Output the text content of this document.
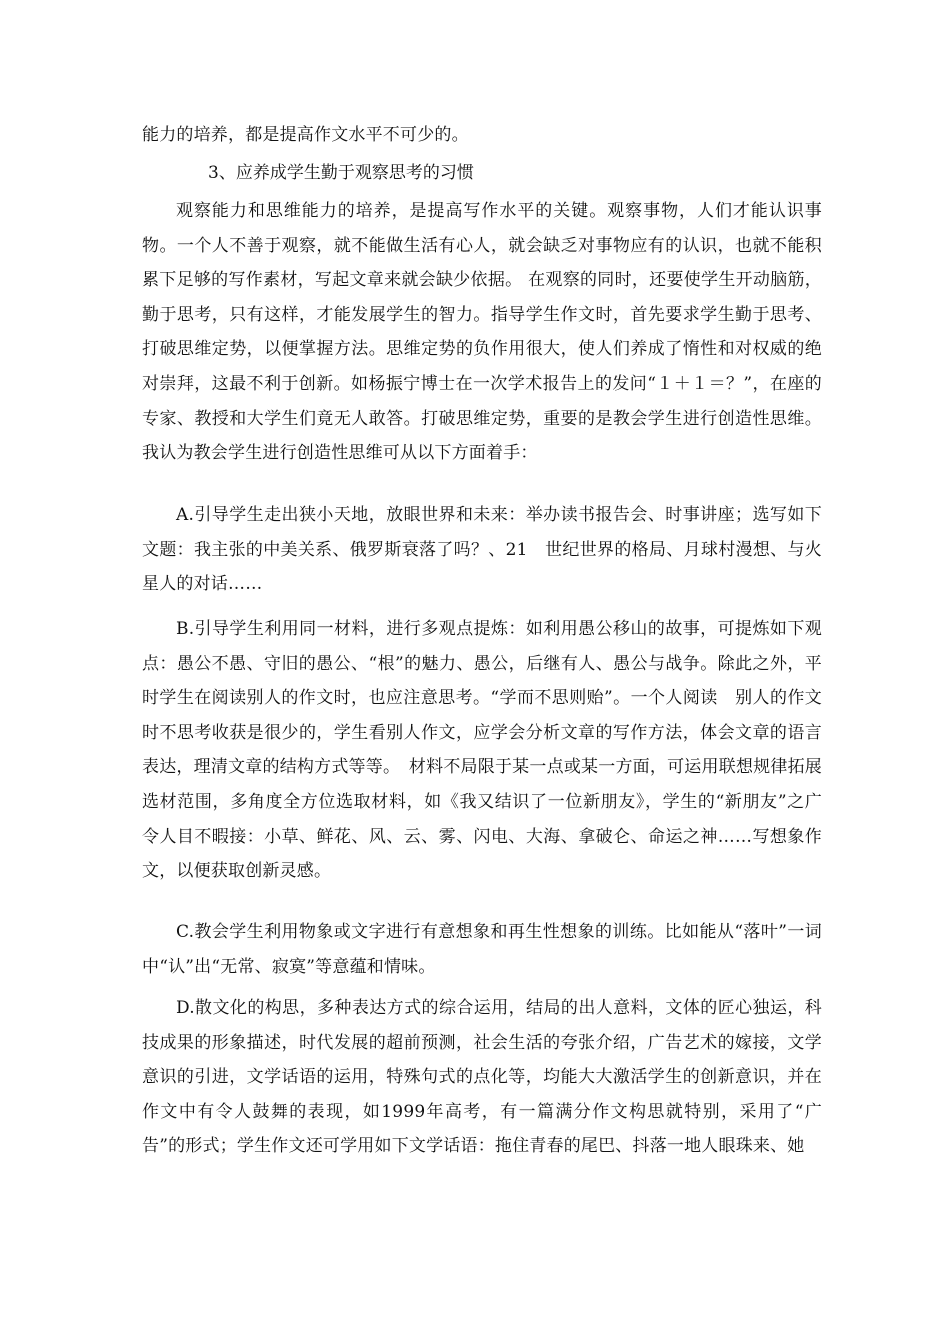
能力的培养，都是提高作文水平不可少的。

3、应养成学生勤于观察思考的习惯

观察能力和思维能力的培养，是提高写作水平的关键。观察事物，人们才能认识事物。一个人不善于观察，就不能做生活有心人，就会缺乏对事物应有的认识，也就不能积累下足够的写作素材，写起文章来就会缺少依据。 在观察的同时，还要使学生开动脑筋，勤于思考，只有这样，才能发展学生的智力。指导学生作文时，首先要求学生勤于思考、打破思维定势，以便掌握方法。思维定势的负作用很大，使人们养成了惰性和对权威的绝对崇拜，这最不利于创新。如杨振宁博士在一次学术报告上的发问“１＋１＝？”，在座的专家、教授和大学生们竟无人敢答。打破思维定势，重要的是教会学生进行创造性思维。我认为教会学生进行创造性思维可从以下方面着手：

A.引导学生走出狭小天地，放眼世界和未来：举办读书报告会、时事讲座；选写如下文题：我主张的中美关系、俄罗斯衰落了吗？、21　世纪世界的格局、月球村漫想、与火星人的对话……

B.引导学生利用同一材料，进行多观点提炼：如利用愚公移山的故事，可提炼如下观点：愚公不愚、守旧的愚公、“根”的魅力、愚公，后继有人、愚公与战争。除此之外，平时学生在阅读别人的作文时，也应注意思考。“学而不思则贻”。一个人阅读　别人的作文时不思考收获是很少的，学生看别人作文，应学会分析文章的写作方法，体会文章的语言表达，理清文章的结构方式等等。　材料不局限于某一点或某一方面，可运用联想规律拓展选材范围，多角度全方位选取材料，如《我又结识了一位新朋友》，学生的“新朋友”之广令人目不暇接：小草、鲜花、风、云、雾、闪电、大海、拿破仑、命运之神……写想象作文，以便获取创新灵感。

C.教会学生利用物象或文字进行有意想象和再生性想象的训练。比如能从“落叶”一词中“认”出“无常、寂寞”等意蕴和情味。

D.散文化的构思，多种表达方式的综合运用，结局的出人意料，文体的匠心独运，科技成果的形象描述，时代发展的超前预测，社会生活的夸张介绍，广告艺术的嫁接，文学意识的引进，文学话语的运用，特殊句式的点化等，均能大大激活学生的创新意识，并在作文中有令人鼓舞的表现，如1999年高考，有一篇满分作文构思就特别，采用了“广告”的形式；学生作文还可学用如下文学话语：拖住青春的尾巴、抖落一地人眼珠来、她
